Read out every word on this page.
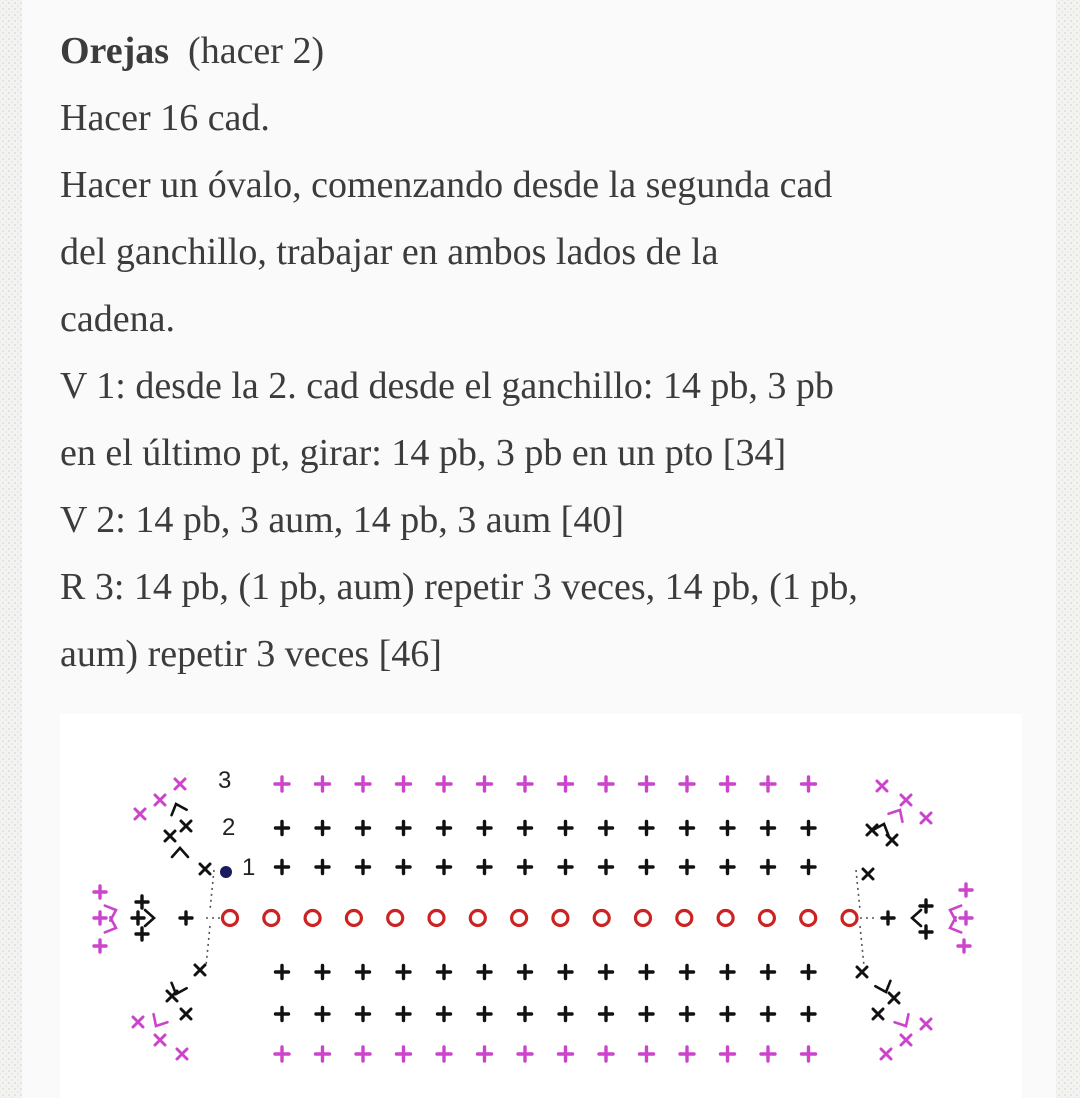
Orejas (hacer 2)
Hacer 16 cad.
Hacer un óvalo, comenzando desde la segunda cad
del ganchillo, trabajar en ambos lados de la
cadena.
V 1: desde la 2. cad desde el ganchillo: 14 pb, 3 pb
en el último pt, girar: 14 pb, 3 pb en un pto [34]
V 2: 14 pb, 3 aum, 14 pb, 3 aum [40]
R 3: 14 pb, (1 pb, aum) repetir 3 veces, 14 pb, (1 pb,
aum) repetir 3 veces [46]
3
2
1
